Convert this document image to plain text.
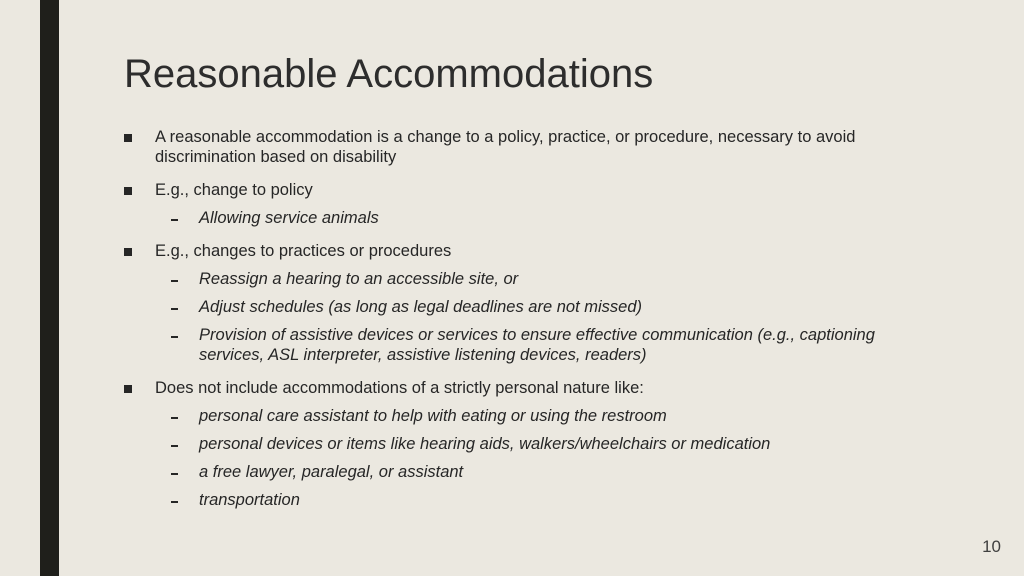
Reasonable Accommodations
A reasonable accommodation is a change to a policy, practice, or procedure, necessary to avoid discrimination based on disability
E.g., change to policy
Allowing service animals
E.g., changes to practices or procedures
Reassign a hearing to an accessible site, or
Adjust schedules (as long as legal deadlines are not missed)
Provision of assistive devices or services to ensure effective communication (e.g., captioning services, ASL interpreter, assistive listening devices, readers)
Does not include accommodations of a strictly personal nature like:
personal care assistant to help with eating or using the restroom
personal devices or items like hearing aids, walkers/wheelchairs or medication
a free lawyer, paralegal, or assistant
transportation
10
